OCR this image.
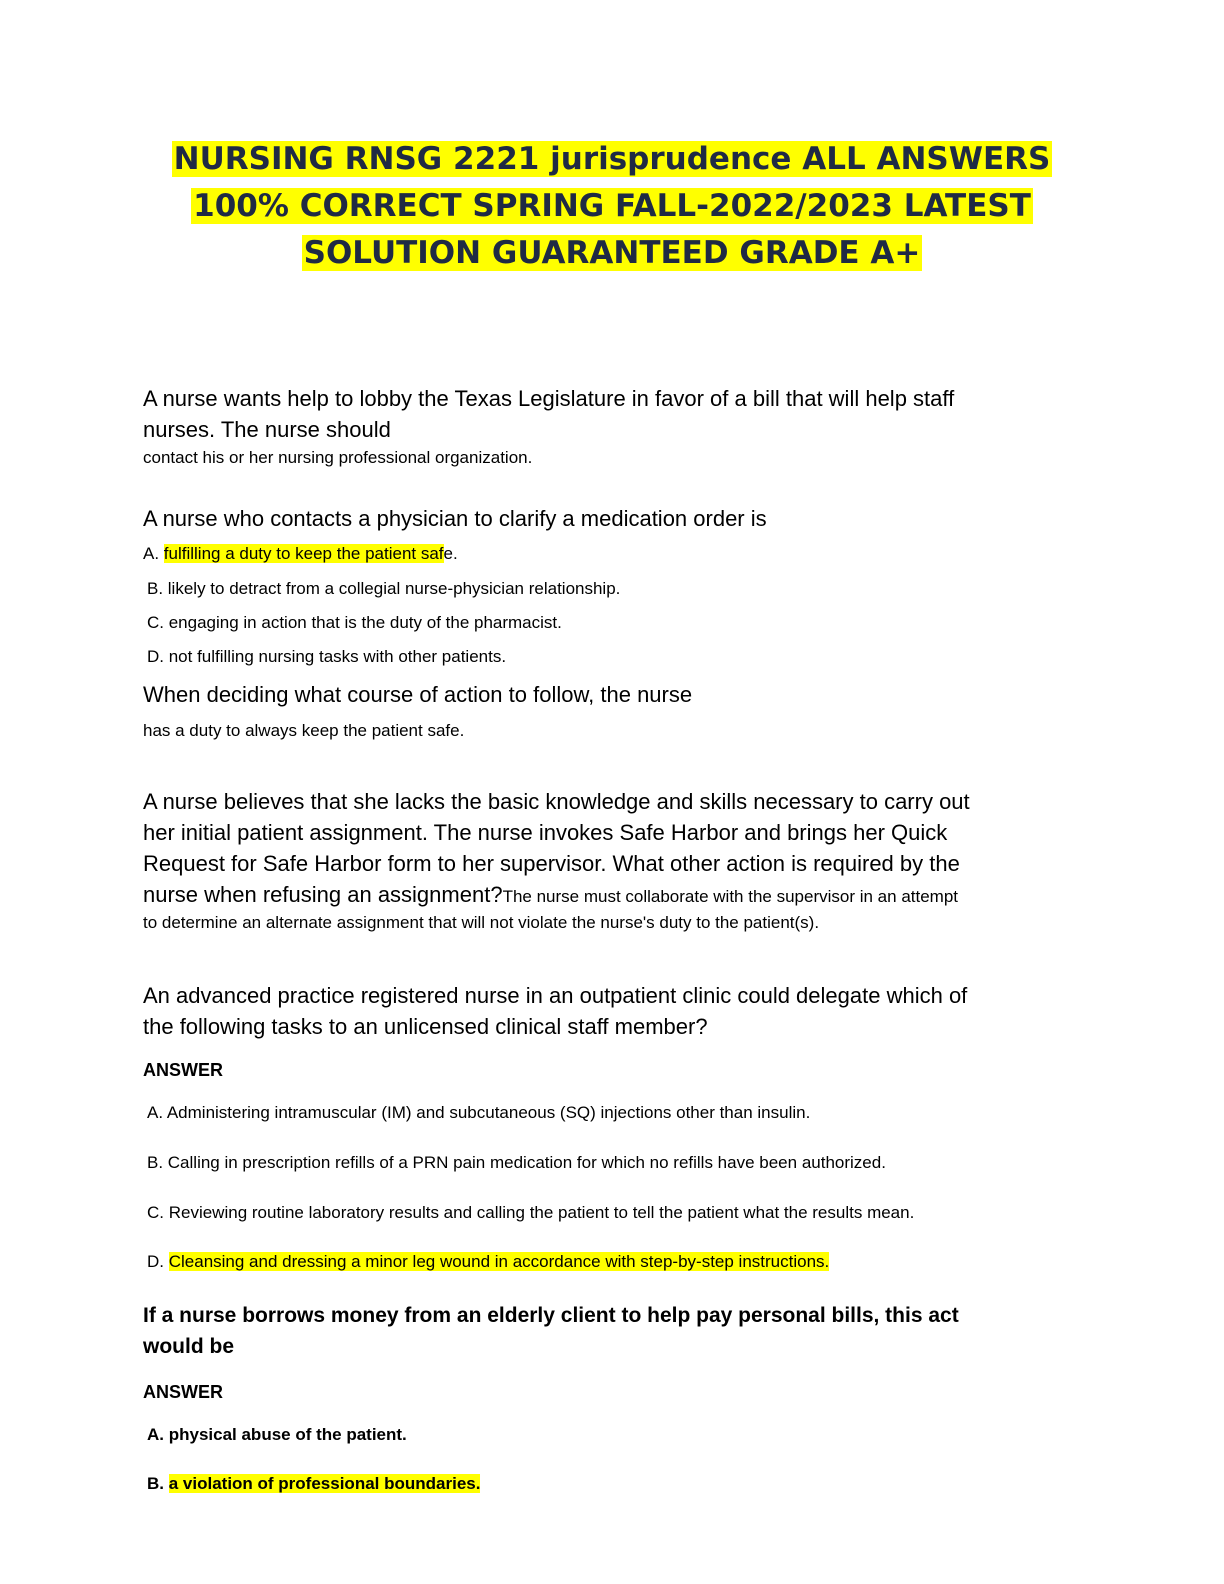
NURSING RNSG 2221 jurisprudence ALL ANSWERS
100% CORRECT SPRING FALL-2022/2023 LATEST
SOLUTION GUARANTEED GRADE A+
A nurse wants help to lobby the Texas Legislature in favor of a bill that will help staff
nurses. The nurse should
contact his or her nursing professional organization.
A nurse who contacts a physician to clarify a medication order is
A. fulfilling a duty to keep the patient safe.
B. likely to detract from a collegial nurse-physician relationship.
C. engaging in action that is the duty of the pharmacist.
D. not fulfilling nursing tasks with other patients.
When deciding what course of action to follow, the nurse
has a duty to always keep the patient safe.
A nurse believes that she lacks the basic knowledge and skills necessary to carry out
her initial patient assignment. The nurse invokes Safe Harbor and brings her Quick
Request for Safe Harbor form to her supervisor. What other action is required by the
nurse when refusing an assignment?The nurse must collaborate with the supervisor in an attempt
to determine an alternate assignment that will not violate the nurse's duty to the patient(s).
An advanced practice registered nurse in an outpatient clinic could delegate which of
the following tasks to an unlicensed clinical staff member?
ANSWER
A. Administering intramuscular (IM) and subcutaneous (SQ) injections other than insulin.
B. Calling in prescription refills of a PRN pain medication for which no refills have been authorized.
C. Reviewing routine laboratory results and calling the patient to tell the patient what the results mean.
D. Cleansing and dressing a minor leg wound in accordance with step-by-step instructions.
If a nurse borrows money from an elderly client to help pay personal bills, this act
would be
ANSWER
A. physical abuse of the patient.
B. a violation of professional boundaries.
